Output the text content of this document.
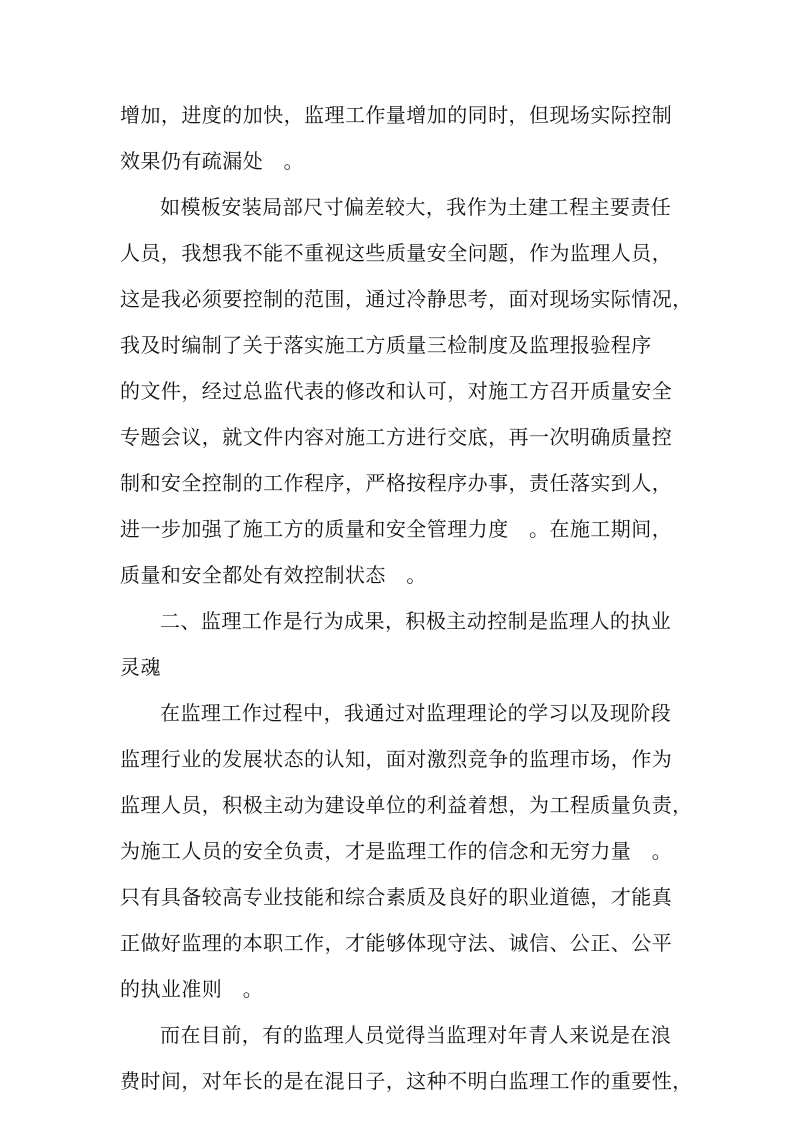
增加，进度的加快，监理工作量增加的同时，但现场实际控制
效果仍有疏漏处　。
如模板安装局部尺寸偏差较大，我作为土建工程主要责任
人员，我想我不能不重视这些质量安全问题，作为监理人员，
这是我必须要控制的范围，通过冷静思考，面对现场实际情况，
我及时编制了关于落实施工方质量三检制度及监理报验程序
的文件，经过总监代表的修改和认可，对施工方召开质量安全
专题会议，就文件内容对施工方进行交底，再一次明确质量控
制和安全控制的工作程序，严格按程序办事，责任落实到人，
进一步加强了施工方的质量和安全管理力度　。在施工期间，
质量和安全都处有效控制状态　。
二、监理工作是行为成果，积极主动控制是监理人的执业
灵魂
在监理工作过程中，我通过对监理理论的学习以及现阶段
监理行业的发展状态的认知，面对激烈竞争的监理市场，作为
监理人员，积极主动为建设单位的利益着想，为工程质量负责，
为施工人员的安全负责，才是监理工作的信念和无穷力量　。
只有具备较高专业技能和综合素质及良好的职业道德，才能真
正做好监理的本职工作，才能够体现守法、诚信、公正、公平
的执业准则　。
而在目前，有的监理人员觉得当监理对年青人来说是在浪
费时间，对年长的是在混日子，这种不明白监理工作的重要性，
